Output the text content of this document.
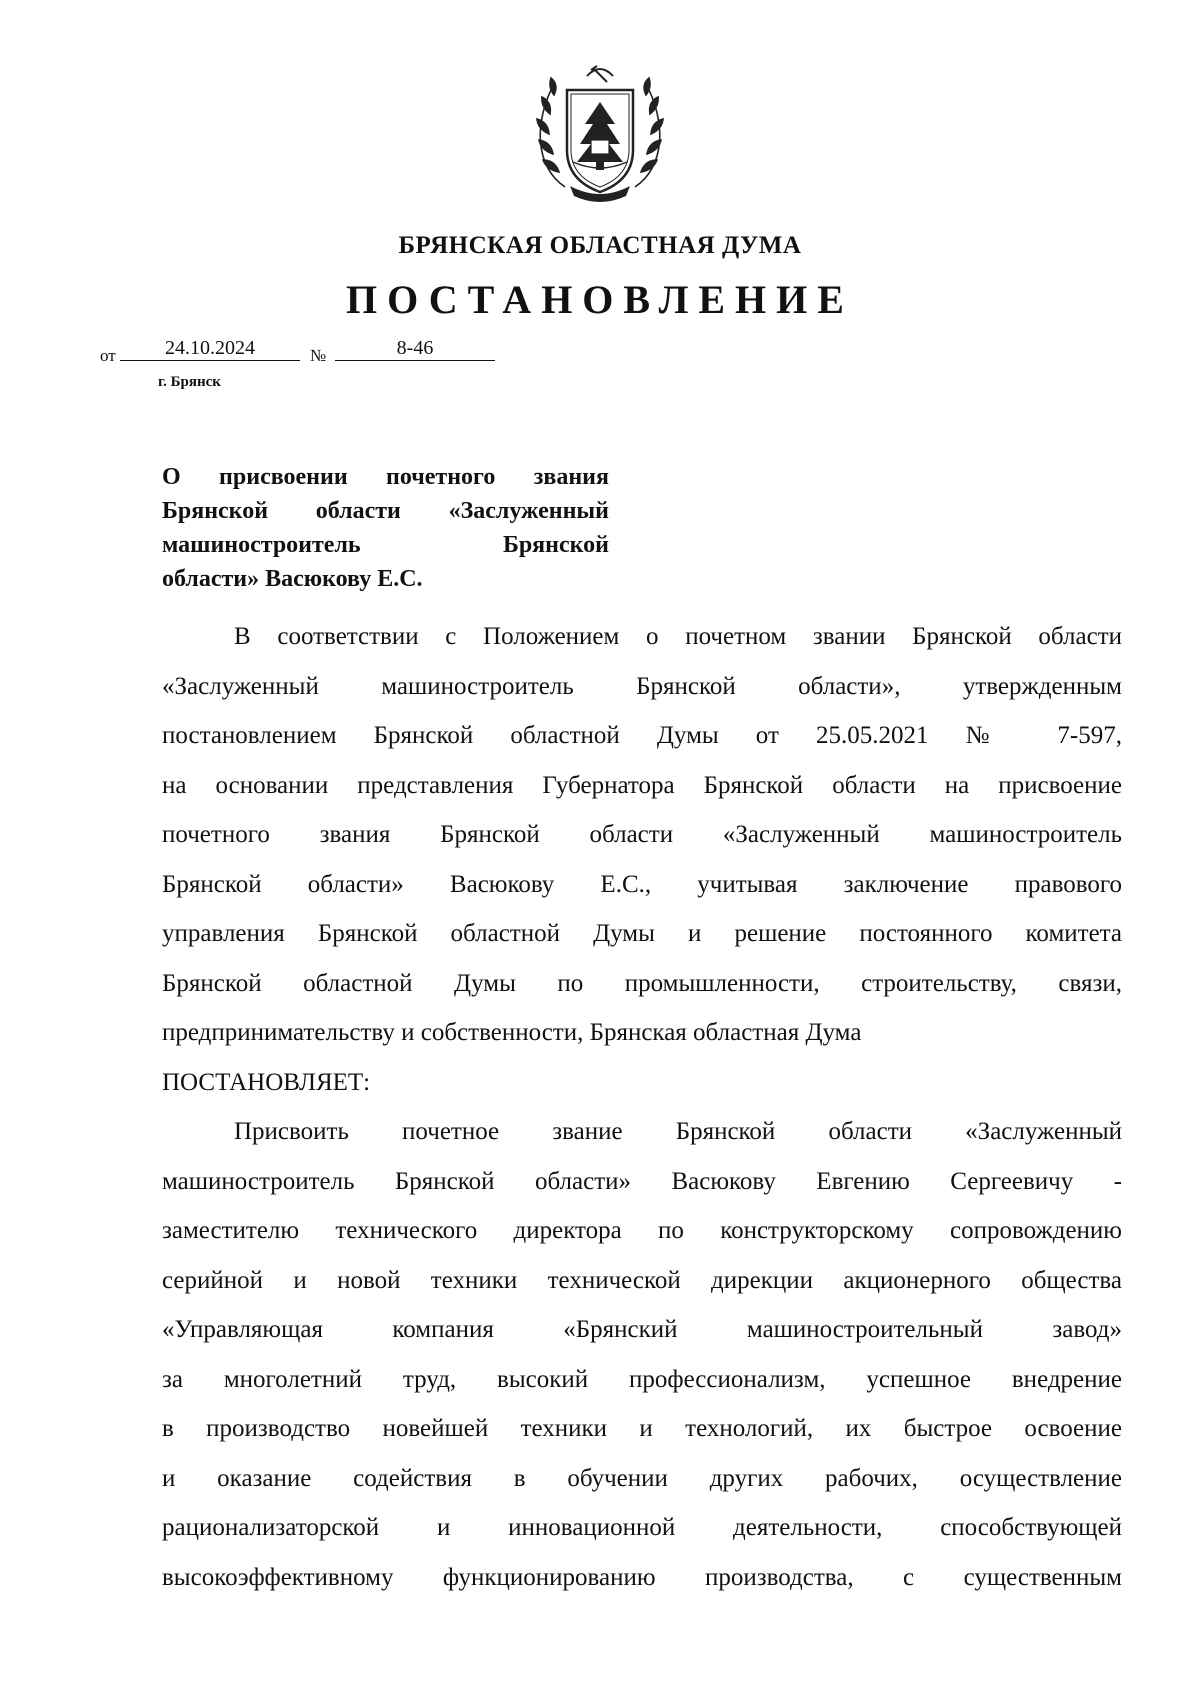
БРЯНСКАЯ ОБЛАСТНАЯ ДУМА
ПОСТАНОВЛЕНИЕ
от	24.10.2024	№	8-46
г. Брянск
О присвоении почетного звания
Брянской области «Заслуженный
машиностроитель Брянской
области» Васюкову Е.С.
В соответствии с Положением о почетном звании Брянской области
«Заслуженный машиностроитель Брянской области», утвержденным
постановлением Брянской областной Думы от 25.05.2021 № 7-597,
на основании представления Губернатора Брянской области на присвоение
почетного звания Брянской области «Заслуженный машиностроитель
Брянской области» Васюкову Е.С., учитывая заключение правового
управления Брянской областной Думы и решение постоянного комитета
Брянской областной Думы по промышленности, строительству, связи,
предпринимательству и собственности, Брянская областная Дума
ПОСТАНОВЛЯЕТ:
Присвоить почетное звание Брянской области «Заслуженный
машиностроитель Брянской области» Васюкову Евгению Сергеевичу -
заместителю технического директора по конструкторскому сопровождению
серийной и новой техники технической дирекции акционерного общества
«Управляющая компания «Брянский машиностроительный завод»
за многолетний труд, высокий профессионализм, успешное внедрение
в производство новейшей техники и технологий, их быстрое освоение
и оказание содействия в обучении других рабочих, осуществление
рационализаторской и инновационной деятельности, способствующей
высокоэффективному функционированию производства, с существенным
